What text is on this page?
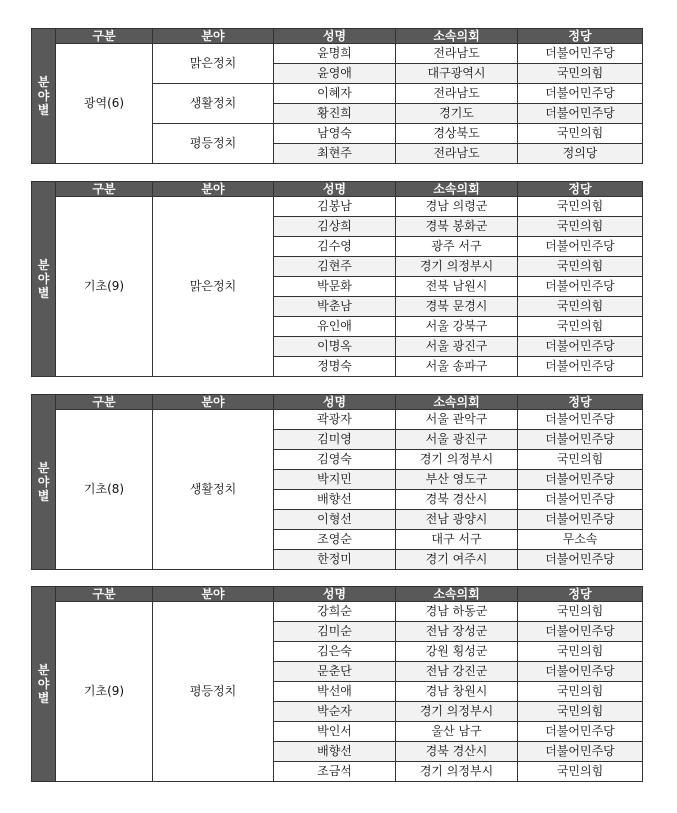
분
야
별	구분	분야	성명	소속의회	정당
	광역(6)	맑은정치	윤명희	전라남도	더불어민주당
			윤영애	대구광역시	국민의힘
		생활정치	이혜자	전라남도	더불어민주당
			황진희	경기도	더불어민주당
		평등정치	남영숙	경상북도	국민의힘
			최현주	전라남도	정의당
분
야
별	구분	분야	성명	소속의회	정당
	기초(9)	맑은정치	김봉남	경남 의령군	국민의힘
			김상희	경북 봉화군	국민의힘
			김수영	광주 서구	더불어민주당
			김현주	경기 의정부시	국민의힘
			박문화	전북 남원시	더불어민주당
			박춘남	경북 문경시	국민의힘
			유인애	서울 강북구	국민의힘
			이명옥	서울 광진구	더불어민주당
			정명숙	서울 송파구	더불어민주당
분
야
별	구분	분야	성명	소속의회	정당
	기초(8)	생활정치	곽광자	서울 관악구	더불어민주당
			김미영	서울 광진구	더불어민주당
			김영숙	경기 의정부시	국민의힘
			박지민	부산 영도구	더불어민주당
			배향선	경북 경산시	더불어민주당
			이형선	전남 광양시	더불어민주당
			조영순	대구 서구	무소속
			한정미	경기 여주시	더불어민주당
분
야
별	구분	분야	성명	소속의회	정당
	기초(9)	평등정치	강희순	경남 하동군	국민의힘
			김미순	전남 장성군	더불어민주당
			김은숙	강원 횡성군	국민의힘
			문춘단	전남 강진군	더불어민주당
			박선애	경남 창원시	국민의힘
			박순자	경기 의정부시	국민의힘
			박인서	울산 남구	더불어민주당
			배향선	경북 경산시	더불어민주당
			조금석	경기 의정부시	국민의힘
